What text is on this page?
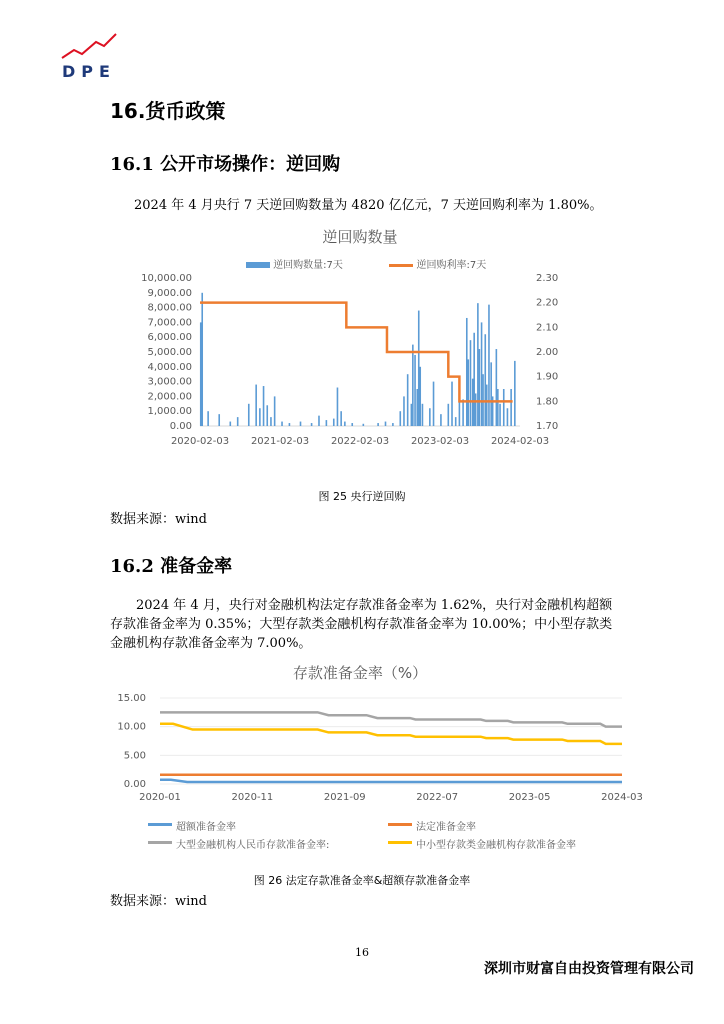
DPE
16.货币政策
16.1 公开市场操作：逆回购
2024 年 4 月央行 7 天逆回购数量为 4820 亿亿元，7 天逆回购利率为 1.80%。
逆回购数量
逆回购数量:7天	逆回购利率:7天
10,000.00
9,000.00
8,000.00
7,000.00
6,000.00
5,000.00
4,000.00
3,000.00
2,000.00
1,000.00
0.00
2.30
2.20
2.10
2.00
1.90
1.80
1.70
2020-02-03 2021-02-03 2022-02-03 2023-02-03 2024-02-03
图 25 央行逆回购
数据来源：wind
16.2 准备金率
2024 年 4 月，央行对金融机构法定存款准备金率为 1.62%，央行对金融机构超额存款准备金率为 0.35%；大型存款类金融机构存款准备金率为 10.00%；中小型存款类金融机构存款准备金率为 7.00%。
存款准备金率（%）
15.00
10.00
5.00
0.00
2020-01	2020-11	2021-09	2022-07	2023-05	2024-03
超额准备金率	法定准备金率
大型金融机构人民币存款准备金率:	中小型存款类金融机构存款准备金率
图 26 法定存款准备金率&超额存款准备金率
数据来源：wind
16
深圳市财富自由投资管理有限公司
